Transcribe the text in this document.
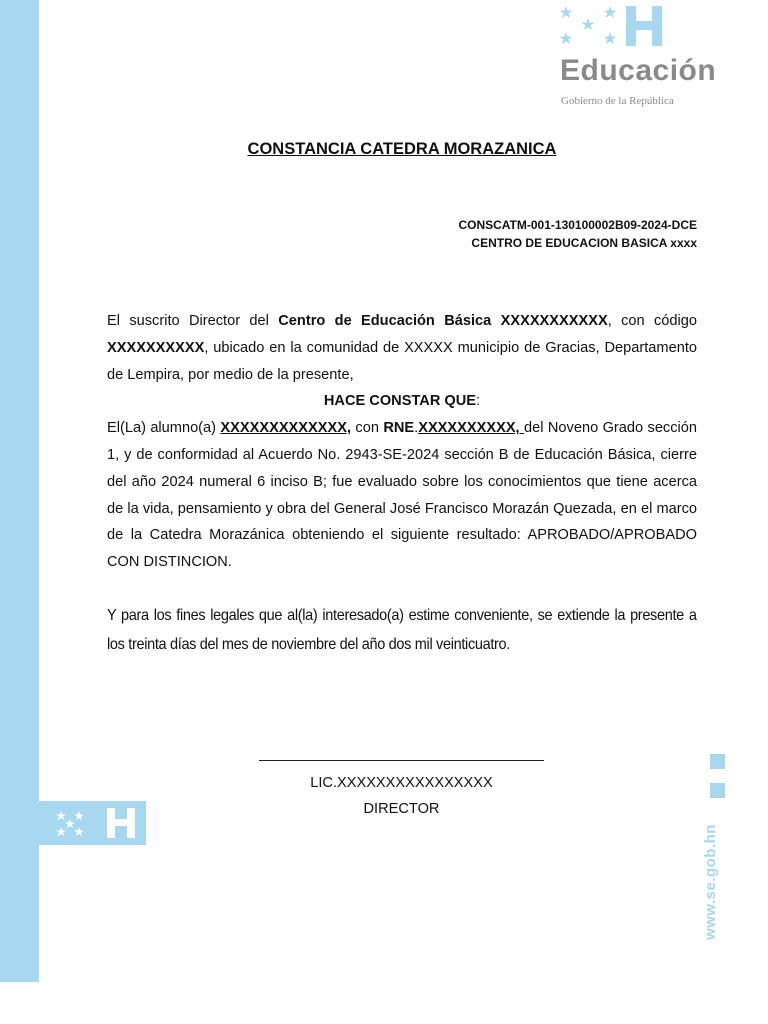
Educación
Gobierno de la República
CONSTANCIA CATEDRA MORAZANICA
CONSCATM-001-130100002B09-2024-DCE
CENTRO DE EDUCACION BASICA xxxx

El suscrito Director del Centro de Educación Básica XXXXXXXXXXX, con código XXXXXXXXXX, ubicado en la comunidad de XXXXX municipio de Gracias, Departamento de Lempira, por medio de la presente,

HACE CONSTAR QUE:

El(La) alumno(a) XXXXXXXXXXXXX, con RNE.XXXXXXXXXX, del Noveno Grado sección 1, y de conformidad al Acuerdo No. 2943-SE-2024 sección B de Educación Básica, cierre del año 2024 numeral 6 inciso B; fue evaluado sobre los conocimientos que tiene acerca de la vida, pensamiento y obra del General José Francisco Morazán Quezada, en el marco de la Catedra Morazánica obteniendo el siguiente resultado: APROBADO/APROBADO CON DISTINCION.

Y para los fines legales que al(la) interesado(a) estime conveniente, se extiende la presente a los treinta días del mes de noviembre del año dos mil veinticuatro.
LIC.XXXXXXXXXXXXXXXX
DIRECTOR
www.se.gob.hn
